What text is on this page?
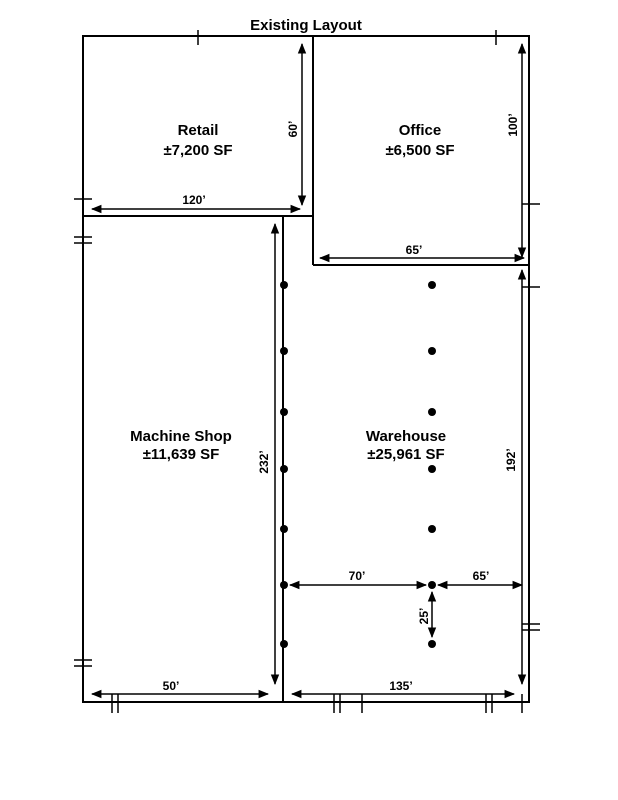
Existing Layout
Retail
±7,200 SF
Office
±6,500 SF
Machine Shop
±11,639 SF
Warehouse
±25,961 SF
120’
60’	100’
65’
232’	192’
70’	65’
25’
50’	135’
